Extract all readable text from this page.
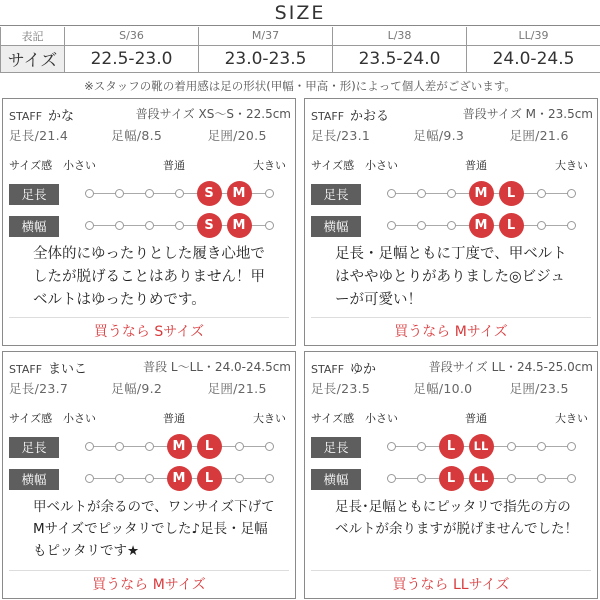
SIZE
表記	S/36	M/37	L/38	LL/39
サイズ	22.5-23.0	23.0-23.5	23.5-24.0	24.0-24.5
※スタッフの靴の着用感は足の形状(甲幅・甲高・形)によって個人差がございます。
STAFF かな	普段サイズ XS〜S・22.5cm
足長/21.4	足幅/8.5	足囲/20.5
サイズ感 小さい	普通	大きい
足長	S	M
横幅	S	M
全体的にゆったりとした履き心地でしたが脱げることはありません！甲ベルトはゆったりめです。
買うなら Sサイズ
STAFF かおる	普段サイズ M・23.5cm
足長/23.1	足幅/9.3	足囲/21.6
サイズ感 小さい	普通	大きい
足長	M	L
横幅	M	L
足長・足幅ともに丁度で、甲ベルトはややゆとりがありました◎ビジューが可愛い！
買うなら Mサイズ
STAFF まいこ	普段 L〜LL・24.0-24.5cm
足長/23.7	足幅/9.2	足囲/21.5
サイズ感 小さい	普通	大きい
足長	M	L
横幅	M	L
甲ベルトが余るので、ワンサイズ下げてMサイズでピッタリでした♪足長・足幅もピッタリです★
買うなら Mサイズ
STAFF ゆか	普段サイズ LL・24.5-25.0cm
足長/23.5	足幅/10.0	足囲/23.5
サイズ感 小さい	普通	大きい
足長	L	LL
横幅	L	LL
足長･足幅ともにピッタリで指先の方のベルトが余りますが脱げませんでした！
買うなら LLサイズ
